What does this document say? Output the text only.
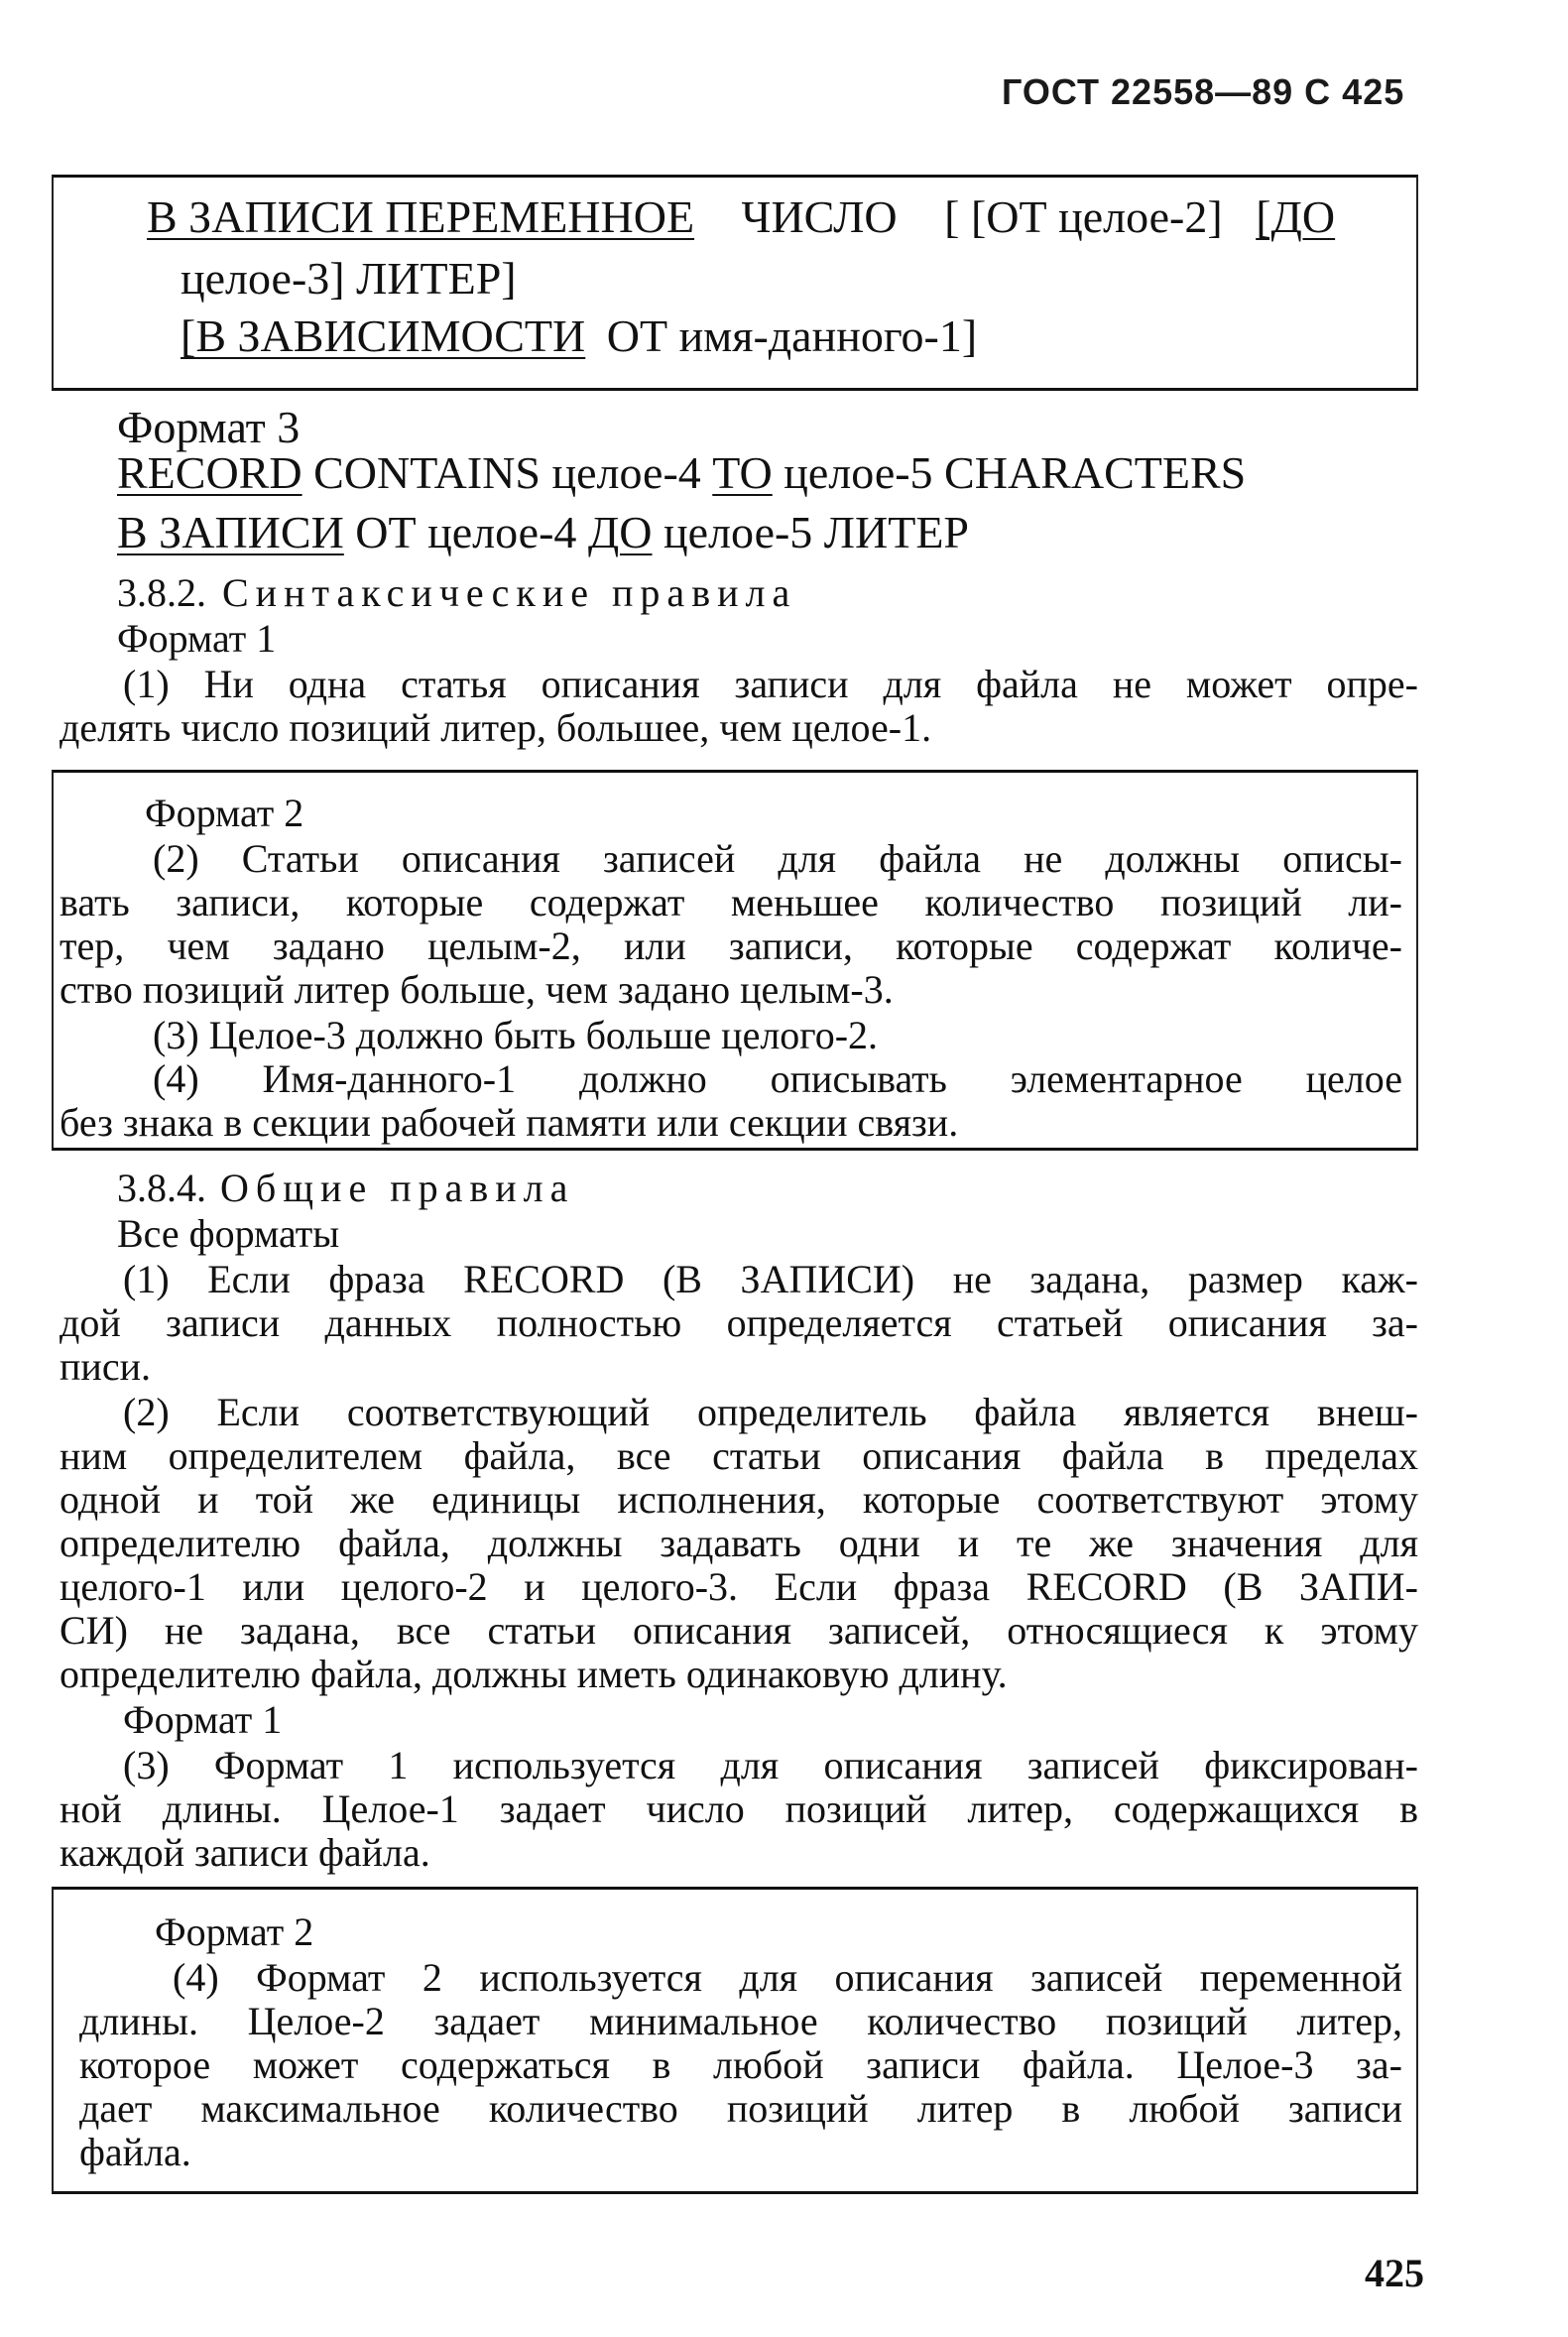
ГОСТ 22558—89 С 425
В ЗАПИСИ ПЕРЕМЕННОЕ ЧИСЛО [ [ОТ целое-2] [ДО
целое-3] ЛИТЕР]
[В ЗАВИСИМОСТИ ОТ имя-данного-1]
Формат 3
RECORD CONTAINS целое-4 TO целое-5 CHARACTERS
В ЗАПИСИ ОТ целое-4 ДО целое-5 ЛИТЕР
3.8.2. Синтаксические правила
Формат 1
(1) Ни одна статья описания записи для файла не может опре-
делять число позиций литер, большее, чем целое-1.
Формат 2
(2) Статьи описания записей для файла не должны описы-
вать записи, которые содержат меньшее количество позиций ли-
тер, чем задано целым-2, или записи, которые содержат количе-
ство позиций литер больше, чем задано целым-3.
(3) Целое-3 должно быть больше целого-2.
(4) Имя-данного-1 должно описывать элементарное целое
без знака в секции рабочей памяти или секции связи.
3.8.4. Общие правила
Все форматы
(1) Если фраза RECORD (В ЗАПИСИ) не задана, размер каж-
дой записи данных полностью определяется статьей описания за-
писи.
(2) Если соответствующий определитель файла является внеш-
ним определителем файла, все статьи описания файла в пределах
одной и той же единицы исполнения, которые соответствуют этому
определителю файла, должны задавать одни и те же значения для
целого-1 или целого-2 и целого-3. Если фраза RECORD (В ЗАПИ-
СИ) не задана, все статьи описания записей, относящиеся к этому
определителю файла, должны иметь одинаковую длину.
Формат 1
(3) Формат 1 используется для описания записей фиксирован-
ной длины. Целое-1 задает число позиций литер, содержащихся в
каждой записи файла.
Формат 2
(4) Формат 2 используется для описания записей переменной
длины. Целое-2 задает минимальное количество позиций литер,
которое может содержаться в любой записи файла. Целое-3 за-
дает максимальное количество позиций литер в любой записи
файла.
425
